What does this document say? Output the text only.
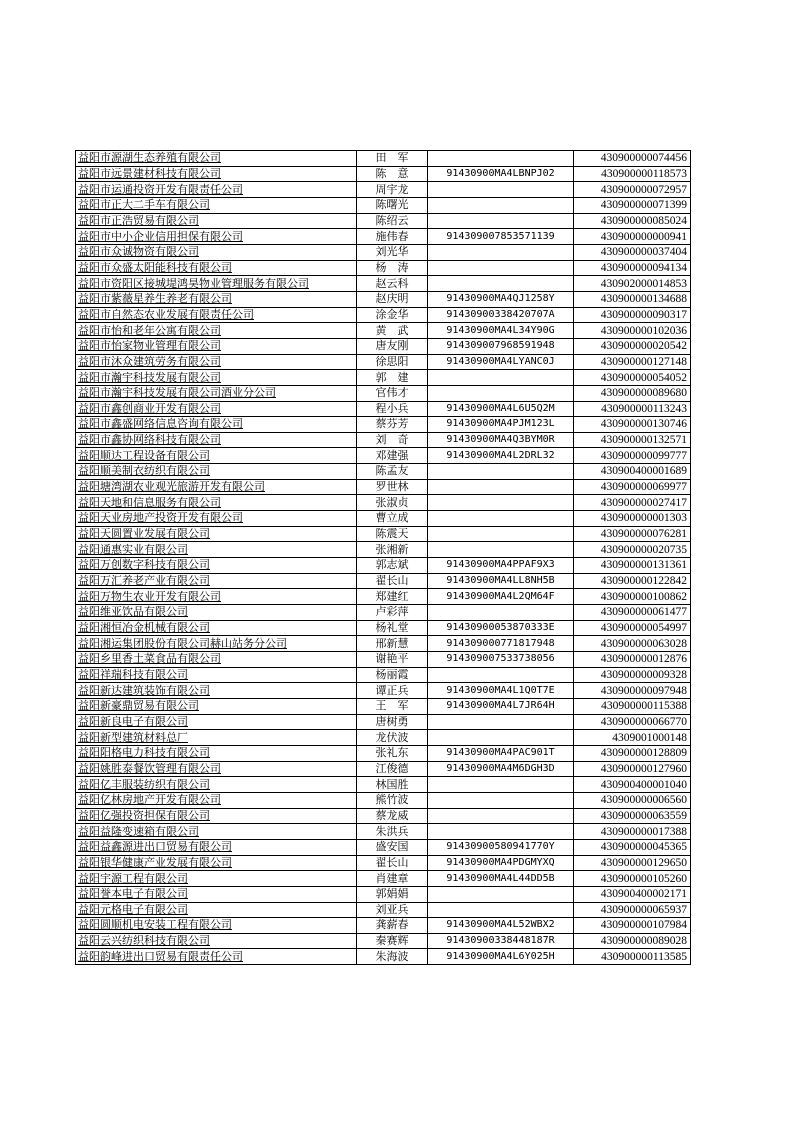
益阳市源湖生态养殖有限公司	田　军		430900000074456
益阳市远景建材科技有限公司	陈　意	91430900MA4LBNPJ02	430900000118573
益阳市运通投资开发有限责任公司	周宇龙		430900000072957
益阳市正大二手车有限公司	陈曙光		430900000071399
益阳市正浩贸易有限公司	陈绍云		430900000085024
益阳市中小企业信用担保有限公司	施伟春	914309007853571139	430900000000941
益阳市众诚物资有限公司	刘光华		430900000037404
益阳市众盛太阳能科技有限公司	杨　涛		430900000094134
益阳市资阳区接城堤鸿昊物业管理服务有限公司	赵云科		430902000014853
益阳市紫薇星养生养老有限公司	赵庆明	91430900MA4QJ1258Y	430900000134688
益阳市自然态农业发展有限责任公司	涂金华	91430900338420707A	430900000090317
益阳市怡和老年公寓有限公司	黄　武	91430900MA4L34Y90G	430900000102036
益阳市怡家物业管理有限公司	唐友刚	914309007968591948	430900000020542
益阳市沐众建筑劳务有限公司	徐思阳	91430900MA4LYANC0J	430900000127148
益阳市瀚宇科技发展有限公司	郭　建		430900000054052
益阳市瀚宇科技发展有限公司酒业分公司	官伟才		430900000089680
益阳市鑫创商业开发有限公司	程小兵	91430900MA4L6U5Q2M	430900000113243
益阳市鑫盛网络信息咨询有限公司	蔡芬芳	91430900MA4PJM123L	430900000130746
益阳市鑫协网络科技有限公司	刘　奇	91430900MA4Q3BYM0R	430900000132571
益阳顺达工程设备有限公司	邓建强	91430900MA4L2DRL32	430900000099777
益阳顺美制衣纺织有限公司	陈孟友		430900400001689
益阳塘湾湖农业观光旅游开发有限公司	罗世林		430900000069977
益阳天地和信息服务有限公司	张淑贞		430900000027417
益阳天业房地产投资开发有限公司	曹立成		430900000001303
益阳天圆置业发展有限公司	陈震天		430900000076281
益阳通惠实业有限公司	张湘新		430900000020735
益阳万创数字科技有限公司	郭志斌	91430900MA4PPAF9X3	430900000131361
益阳万汇养老产业有限公司	翟长山	91430900MA4LL8NH5B	430900000122842
益阳万物生农业开发有限公司	郑建红	91430900MA4L2QM64F	430900000100862
益阳维亚饮品有限公司	卢彩萍		430900000061477
益阳湘恒冶金机械有限公司	杨礼堂	91430900053870333E	430900000054997
益阳湘运集团股份有限公司赫山站务分公司	邢新慧	914309000771817948	430900000063028
益阳乡里香土菜食品有限公司	谢艳平	914309007533738056	430900000012876
益阳祥瑞科技有限公司	杨丽霞		430900000009328
益阳新达建筑装饰有限公司	谭正兵	91430900MA4L1Q0T7E	430900000097948
益阳新豪鼎贸易有限公司	王　军	91430900MA4L7JR64H	430900000115388
益阳新良电子有限公司	唐树勇		430900000066770
益阳新型建筑材料总厂	龙伏波		4309001000148
益阳阳格电力科技有限公司	张礼东	91430900MA4PAC901T	430900000128809
益阳姚胜泰餐饮管理有限公司	江俊德	91430900MA4M6DGH3D	430900000127960
益阳亿丰服装纺织有限公司	林国胜		430900400001040
益阳亿林房地产开发有限公司	熊竹波		430900000006560
益阳亿强投资担保有限公司	蔡龙威		430900000063559
益阳益隆变速箱有限公司	朱洪兵		430900000017388
益阳益鑫源进出口贸易有限公司	盛安国	91430900580941770Y	430900000045365
益阳银华健康产业发展有限公司	翟长山	91430900MA4PDGMYXQ	430900000129650
益阳宇源工程有限公司	肖建章	91430900MA4L44DD5B	430900000105260
益阳誉本电子有限公司	郭娟娟		430900400002171
益阳元格电子有限公司	刘亚兵		430900000065937
益阳圆顺机电安装工程有限公司	龚薪春	91430900MA4L52WBX2	430900000107984
益阳云兴纺织科技有限公司	秦赛辉	91430900338448187R	430900000089028
益阳韵峰进出口贸易有限责任公司	朱海波	91430900MA4L6Y025H	430900000113585
